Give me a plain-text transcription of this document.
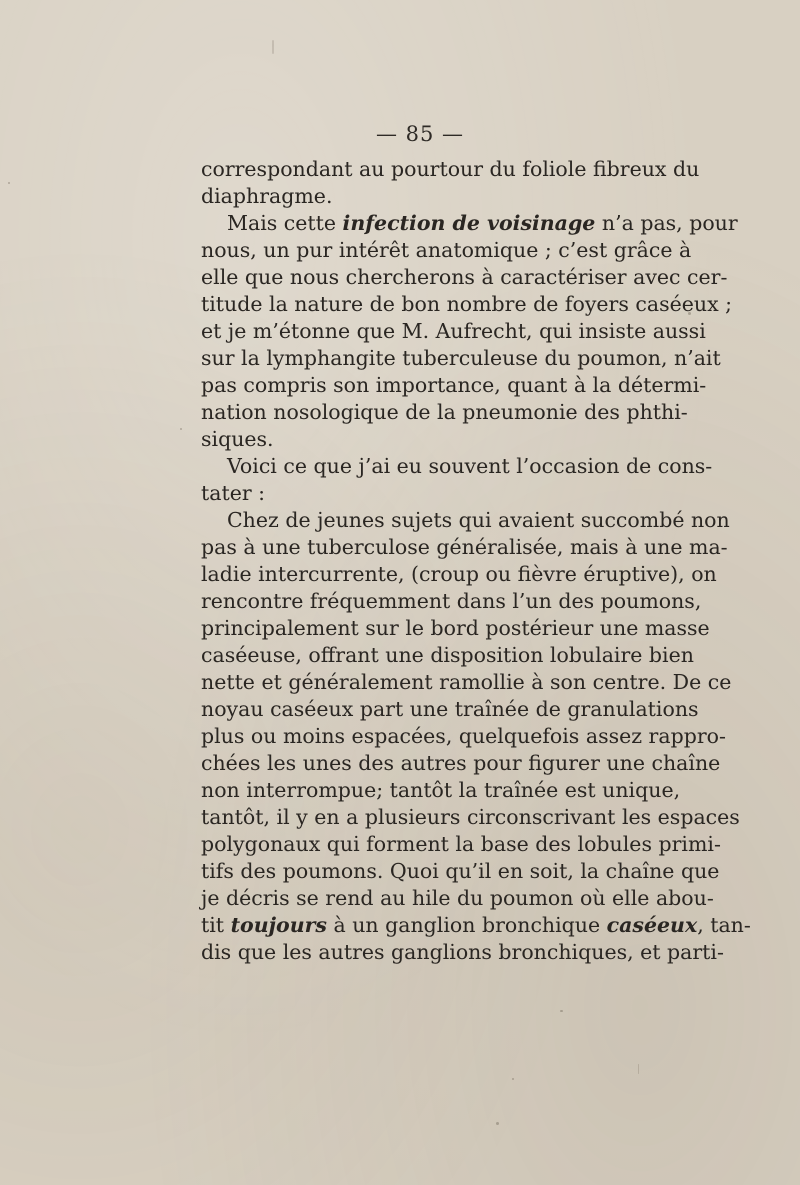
— 85 —
correspondant au pourtour du foliole fibreux du
diaphragme.
Mais cette infection de voisinage n’a pas, pour
nous, un pur intérêt anatomique ; c’est grâce à
elle que nous chercherons à caractériser avec cer-
titude la nature de bon nombre de foyers caséeux ;
et je m’étonne que M. Aufrecht, qui insiste aussi
sur la lymphangite tuberculeuse du poumon, n’ait
pas compris son importance, quant à la détermi-
nation nosologique de la pneumonie des phthi-
siques.
Voici ce que j’ai eu souvent l’occasion de cons-
tater :
Chez de jeunes sujets qui avaient succombé non
pas à une tuberculose généralisée, mais à une ma-
ladie intercurrente, (croup ou fièvre éruptive), on
rencontre fréquemment dans l’un des poumons,
principalement sur le bord postérieur une masse
caséeuse, offrant une disposition lobulaire bien
nette et généralement ramollie à son centre. De ce
noyau caséeux part une traînée de granulations
plus ou moins espacées, quelquefois assez rappro-
chées les unes des autres pour figurer une chaîne
non interrompue; tantôt la traînée est unique,
tantôt, il y en a plusieurs circonscrivant les espaces
polygonaux qui forment la base des lobules primi-
tifs des poumons. Quoi qu’il en soit, la chaîne que
je décris se rend au hile du poumon où elle abou-
tit toujours à un ganglion bronchique caséeux, tan-
dis que les autres ganglions bronchiques, et parti-
